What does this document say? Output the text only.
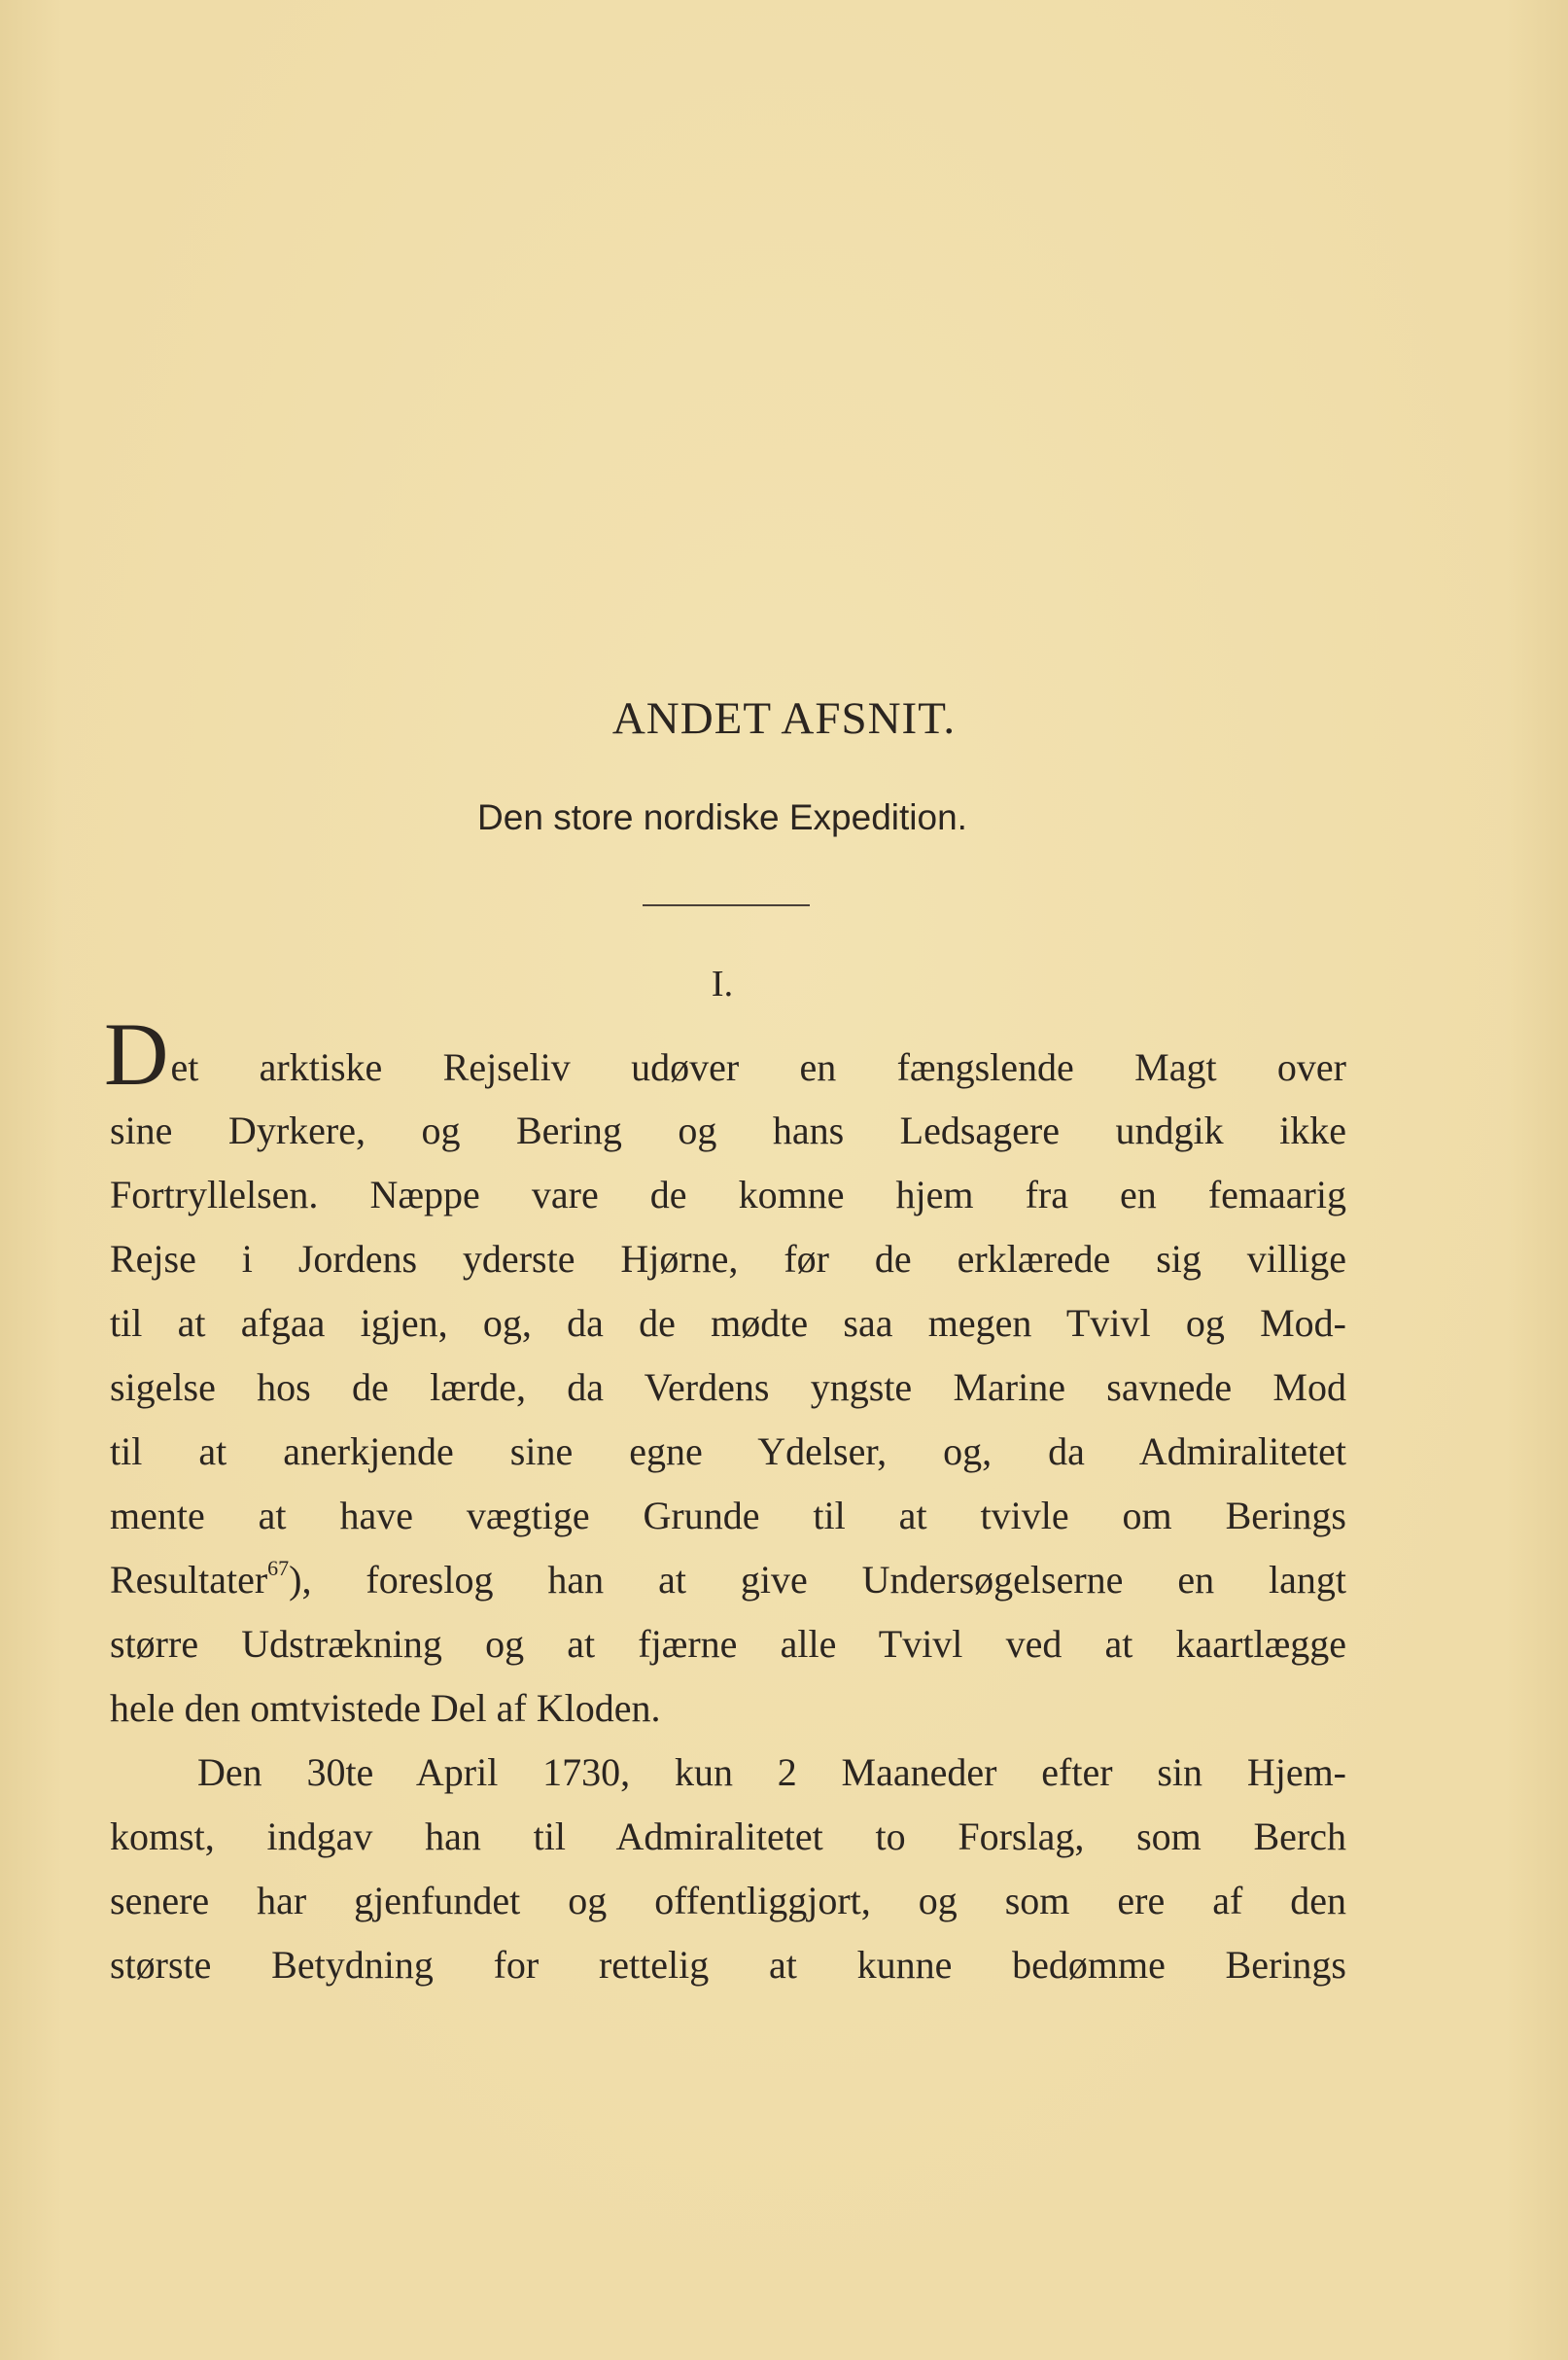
ANDET AFSNIT.
Den store nordiske Expedition.
I.
Det arktiske Rejseliv udøver en fængslende Magt over
sine Dyrkere, og Bering og hans Ledsagere undgik ikke
Fortryllelsen. Næppe vare de komne hjem fra en femaarig
Rejse i Jordens yderste Hjørne, før de erklærede sig villige
til at afgaa igjen, og, da de mødte saa megen Tvivl og Mod-
sigelse hos de lærde, da Verdens yngste Marine savnede Mod
til at anerkjende sine egne Ydelser, og, da Admiralitetet
mente at have vægtige Grunde til at tvivle om Berings
Resultater$^{67}$), foreslog han at give Undersøgelserne en langt
større Udstrækning og at fjærne alle Tvivl ved at kaartlægge
hele den omtvistede Del af Kloden.
Den 30te April 1730, kun 2 Maaneder efter sin Hjem-
komst, indgav han til Admiralitetet to Forslag, som Berch
senere har gjenfundet og offentliggjort, og som ere af den
største Betydning for rettelig at kunne bedømme Berings
